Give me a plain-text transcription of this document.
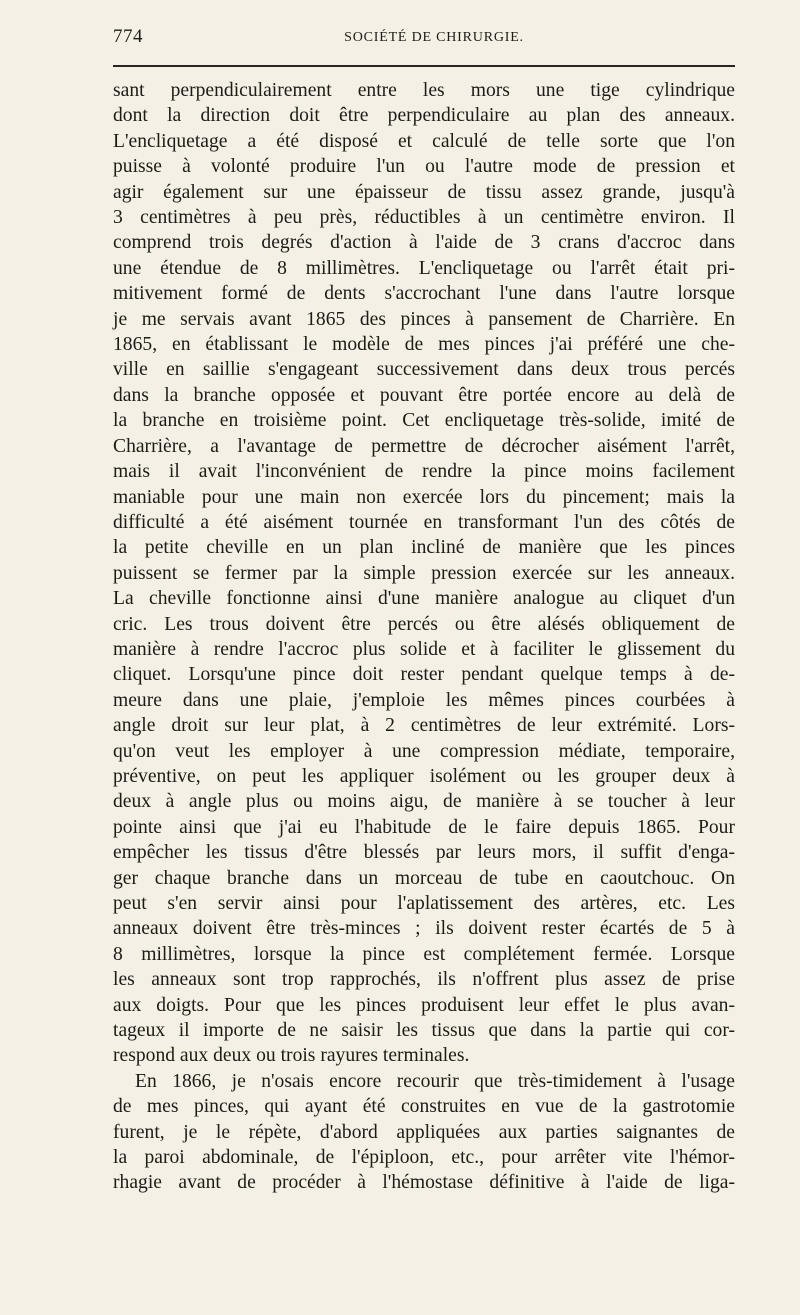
774	SOCIÉTÉ DE CHIRURGIE.
sant perpendiculairement entre les mors une tige cylindrique
dont la direction doit être perpendiculaire au plan des anneaux.
L'encliquetage a été disposé et calculé de telle sorte que l'on
puisse à volonté produire l'un ou l'autre mode de pression et
agir également sur une épaisseur de tissu assez grande, jusqu'à
3 centimètres à peu près, réductibles à un centimètre environ. Il
comprend trois degrés d'action à l'aide de 3 crans d'accroc dans
une étendue de 8 millimètres. L'encliquetage ou l'arrêt était pri-
mitivement formé de dents s'accrochant l'une dans l'autre lorsque
je me servais avant 1865 des pinces à pansement de Charrière. En
1865, en établissant le modèle de mes pinces j'ai préféré une che-
ville en saillie s'engageant successivement dans deux trous percés
dans la branche opposée et pouvant être portée encore au delà de
la branche en troisième point. Cet encliquetage très-solide, imité de
Charrière, a l'avantage de permettre de décrocher aisément l'arrêt,
mais il avait l'inconvénient de rendre la pince moins facilement
maniable pour une main non exercée lors du pincement; mais la
difficulté a été aisément tournée en transformant l'un des côtés de
la petite cheville en un plan incliné de manière que les pinces
puissent se fermer par la simple pression exercée sur les anneaux.
La cheville fonctionne ainsi d'une manière analogue au cliquet d'un
cric. Les trous doivent être percés ou être alésés obliquement de
manière à rendre l'accroc plus solide et à faciliter le glissement du
cliquet. Lorsqu'une pince doit rester pendant quelque temps à de-
meure dans une plaie, j'emploie les mêmes pinces courbées à
angle droit sur leur plat, à 2 centimètres de leur extrémité. Lors-
qu'on veut les employer à une compression médiate, temporaire,
préventive, on peut les appliquer isolément ou les grouper deux à
deux à angle plus ou moins aigu, de manière à se toucher à leur
pointe ainsi que j'ai eu l'habitude de le faire depuis 1865. Pour
empêcher les tissus d'être blessés par leurs mors, il suffit d'enga-
ger chaque branche dans un morceau de tube en caoutchouc. On
peut s'en servir ainsi pour l'aplatissement des artères, etc. Les
anneaux doivent être très-minces ; ils doivent rester écartés de 5 à
8 millimètres, lorsque la pince est complétement fermée. Lorsque
les anneaux sont trop rapprochés, ils n'offrent plus assez de prise
aux doigts. Pour que les pinces produisent leur effet le plus avan-
tageux il importe de ne saisir les tissus que dans la partie qui cor-
respond aux deux ou trois rayures terminales.
En 1866, je n'osais encore recourir que très-timidement à l'usage
de mes pinces, qui ayant été construites en vue de la gastrotomie
furent, je le répète, d'abord appliquées aux parties saignantes de
la paroi abdominale, de l'épiploon, etc., pour arrêter vite l'hémor-
rhagie avant de procéder à l'hémostase définitive à l'aide de liga-
